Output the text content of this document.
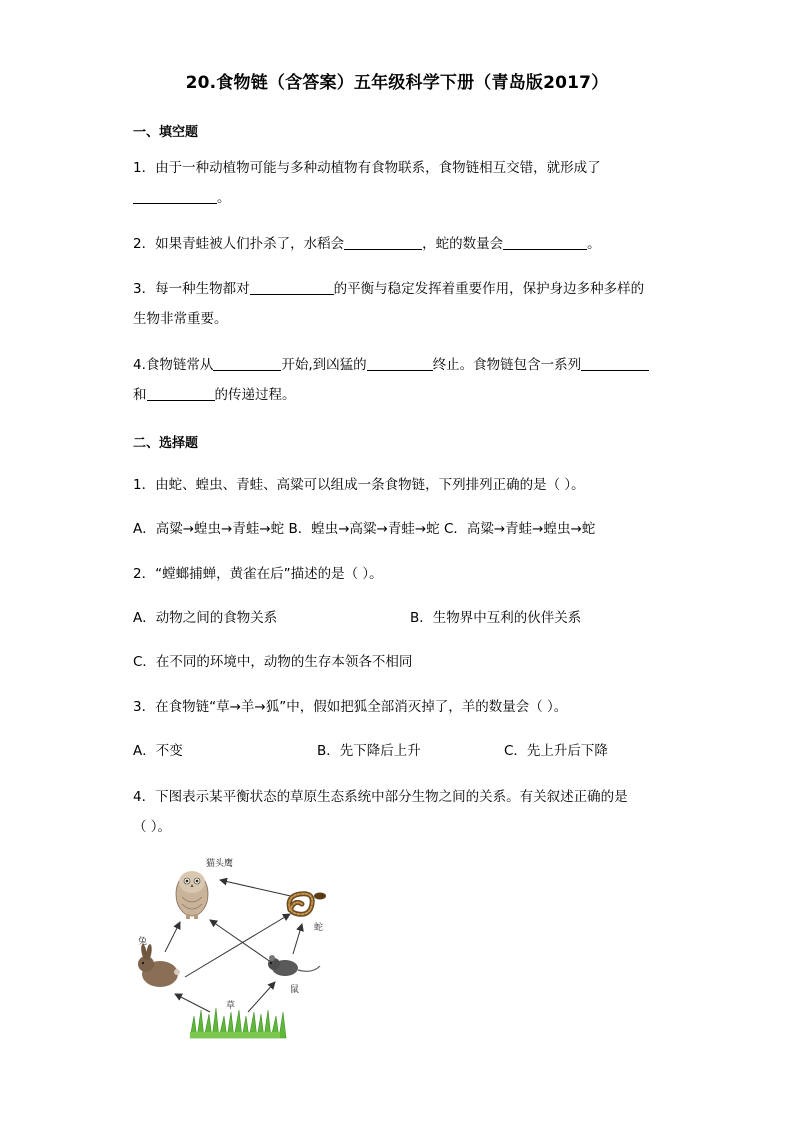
20.食物链（含答案）五年级科学下册（青岛版2017）
一、填空题
1．由于一种动植物可能与多种动植物有食物联系，食物链相互交错，就形成了
。
2．如果青蛙被人们扑杀了，水稻会	，蛇的数量会	。
3．每一种生物都对	的平衡与稳定发挥着重要作用，保护身边多种多样的
生物非常重要。
4.食物链常从	开始,到凶猛的	终止。食物链包含一系列
和	的传递过程。
二、选择题
1．由蛇、蝗虫、青蛙、高粱可以组成一条食物链，下列排列正确的是（ ）。
A．高粱→蝗虫→青蛙→蛇 B．蝗虫→高粱→青蛙→蛇 C．高粱→青蛙→蝗虫→蛇
2．“螳螂捕蝉，黄雀在后”描述的是（ ）。
A．动物之间的食物关系	B．生物界中互利的伙伴关系
C．在不同的环境中，动物的生存本领各不相同
3．在食物链“草→羊→狐”中，假如把狐全部消灭掉了，羊的数量会（ ）。
A．不变	B．先下降后上升	C．先上升后下降
4．下图表示某平衡状态的草原生态系统中部分生物之间的关系。有关叙述正确的是
（ ）。
猫头鹰
蛇
兔
鼠
草
